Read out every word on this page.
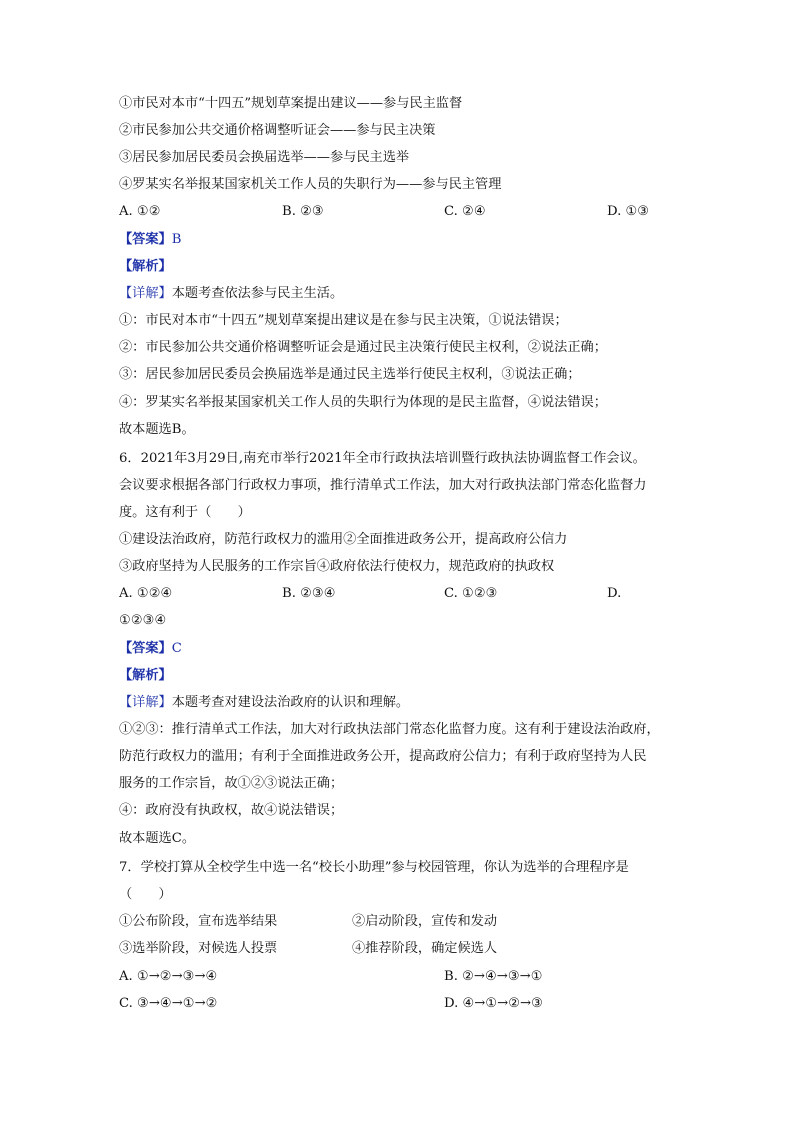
①市民对本市“十四五”规划草案提出建议——参与民主监督
②市民参加公共交通价格调整听证会——参与民主决策
③居民参加居民委员会换届选举——参与民主选举
④罗某实名举报某国家机关工作人员的失职行为——参与民主管理
A. ①②	B. ②③	C. ②④	D. ①③
【答案】B
【解析】
【详解】本题考查依法参与民主生活。
①：市民对本市“十四五”规划草案提出建议是在参与民主决策，①说法错误；
②：市民参加公共交通价格调整听证会是通过民主决策行使民主权利，②说法正确；
③：居民参加居民委员会换届选举是通过民主选举行使民主权利，③说法正确；
④：罗某实名举报某国家机关工作人员的失职行为体现的是民主监督，④说法错误；
故本题选B。
6．2021年3月29日,南充市举行2021年全市行政执法培训暨行政执法协调监督工作会议。
会议要求根据各部门行政权力事项，推行清单式工作法，加大对行政执法部门常态化监督力
度。这有利于（　　）
①建设法治政府，防范行政权力的滥用②全面推进政务公开，提高政府公信力
③政府坚持为人民服务的工作宗旨④政府依法行使权力，规范政府的执政权
A. ①②④	B. ②③④	C. ①②③	D.
①②③④
【答案】C
【解析】
【详解】本题考查对建设法治政府的认识和理解。
①②③：推行清单式工作法，加大对行政执法部门常态化监督力度。这有利于建设法治政府，
防范行政权力的滥用；有利于全面推进政务公开，提高政府公信力；有利于政府坚持为人民
服务的工作宗旨，故①②③说法正确；
④：政府没有执政权，故④说法错误；
故本题选C。
7．学校打算从全校学生中选一名“校长小助理”参与校园管理，你认为选举的合理程序是
（　　）
①公布阶段，宣布选举结果	②启动阶段，宣传和发动
③选举阶段，对候选人投票	④推荐阶段，确定候选人
A. ①→②→③→④	B. ②→④→③→①
C. ③→④→①→②	D. ④→①→②→③
